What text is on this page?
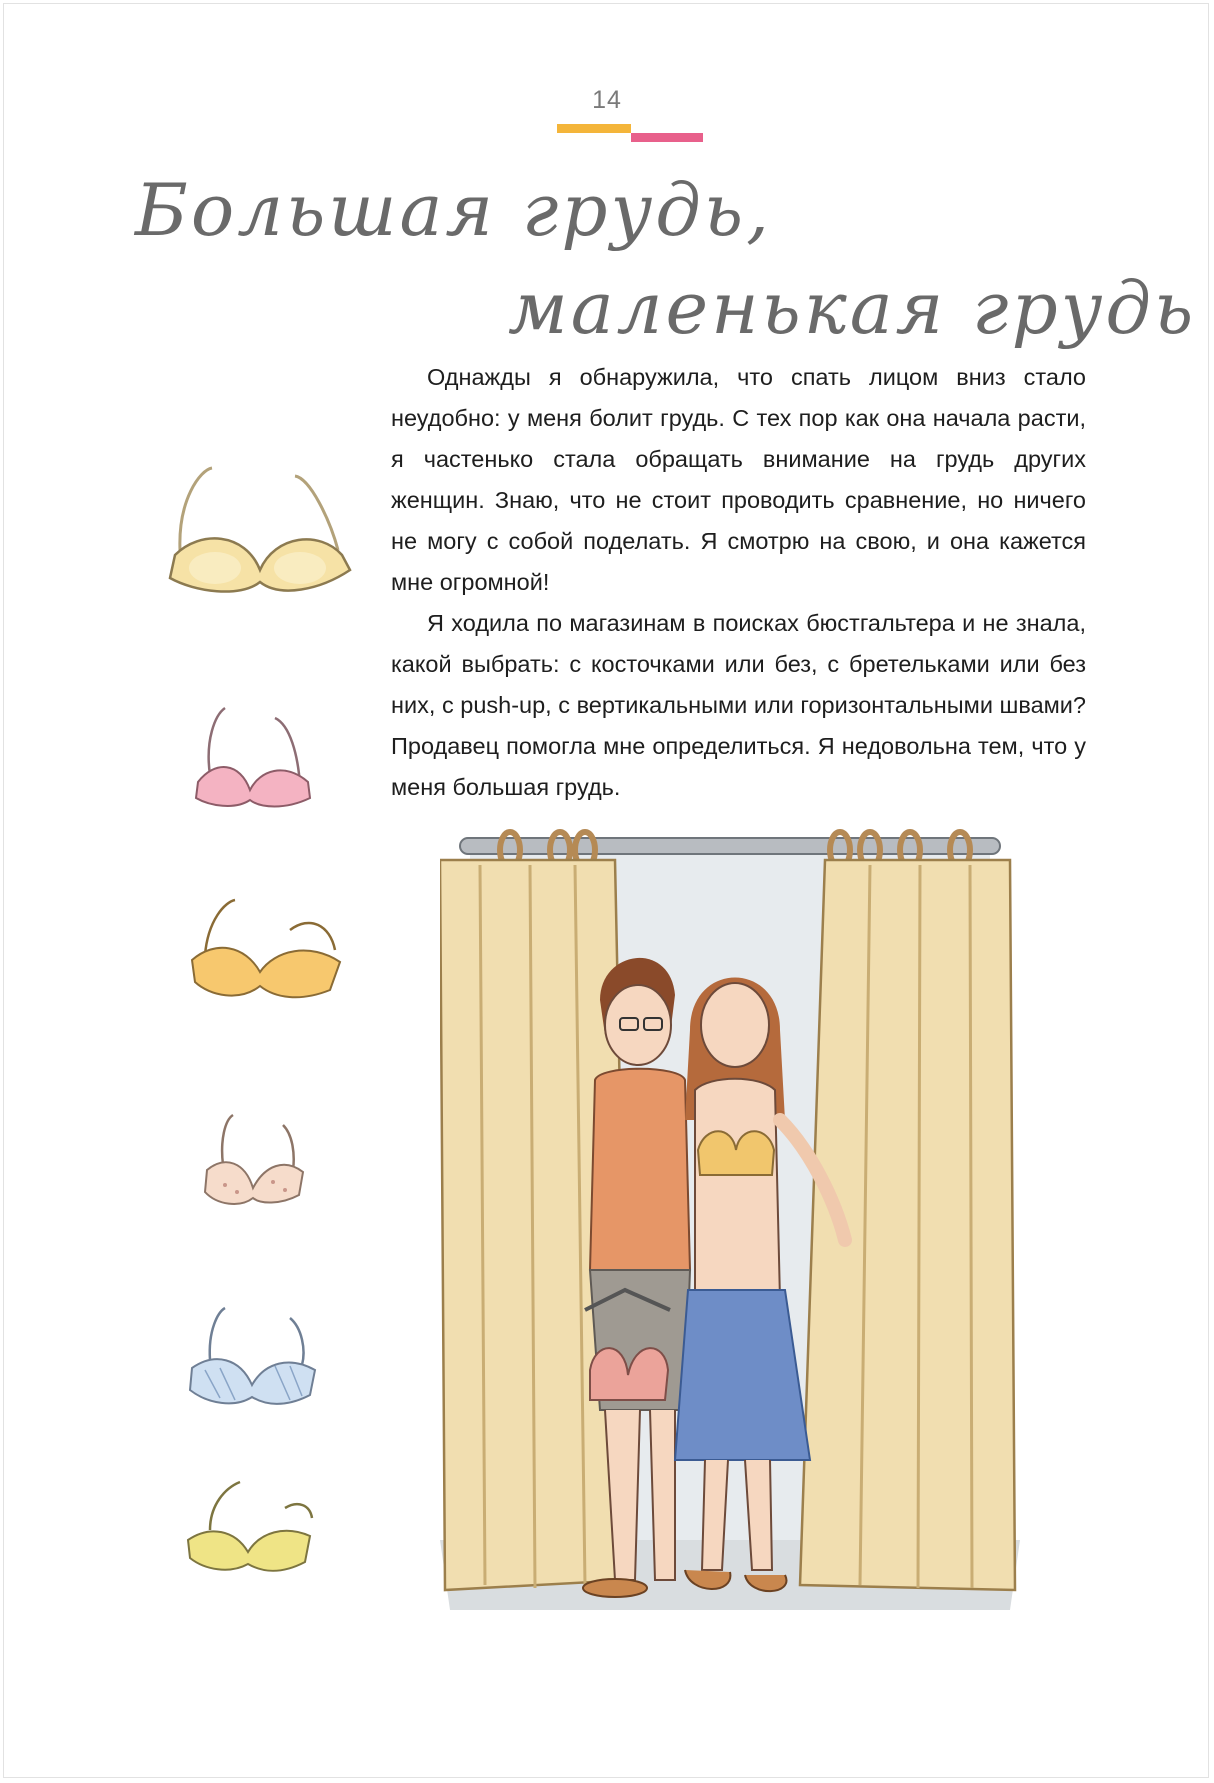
14
Большая грудь,
маленькая грудь

Однажды я обнаружила, что спать лицом вниз стало неудобно: у меня болит грудь. С тех пор как она начала расти, я частенько стала обращать внимание на грудь других женщин. Знаю, что не стоит проводить сравнение, но ничего не могу с собой поделать. Я смотрю на свою, и она кажется мне огромной!

Я ходила по магазинам в поисках бюстгальтера и не знала, какой выбрать: с косточками или без, с бретельками или без них, с push-up, с вертикальными или горизонтальными швами? Продавец помогла мне определиться. Я недовольна тем, что у меня большая грудь.
